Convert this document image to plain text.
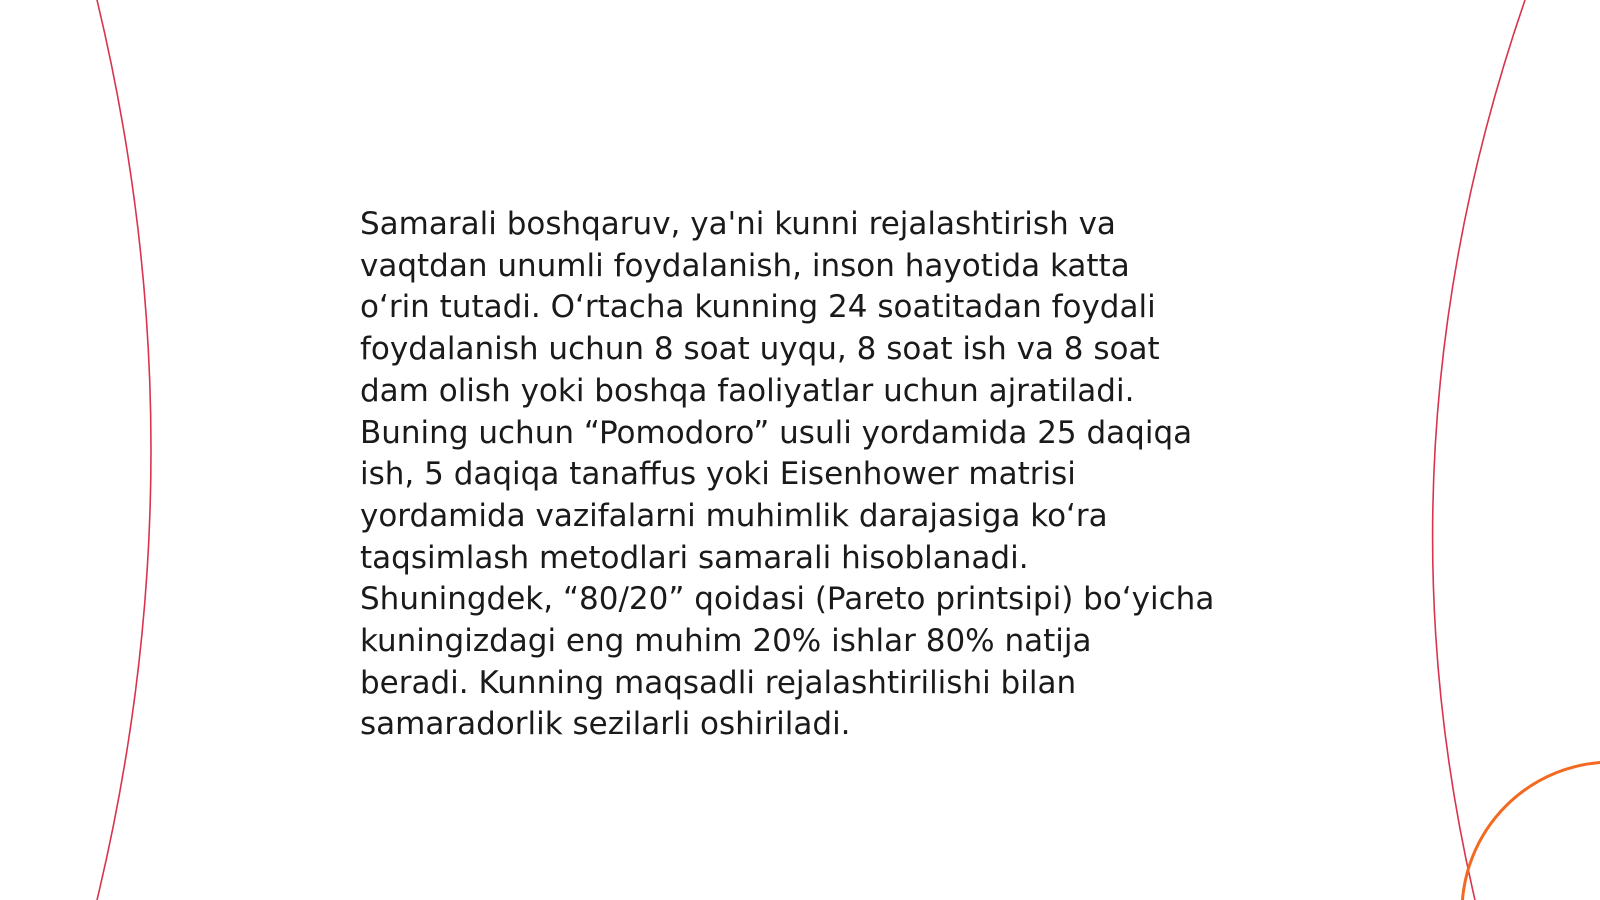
Samarali boshqaruv, ya'ni kunni rejalashtirish va
vaqtdan unumli foydalanish, inson hayotida katta
o‘rin tutadi. O‘rtacha kunning 24 soatitadan foydali
foydalanish uchun 8 soat uyqu, 8 soat ish va 8 soat
dam olish yoki boshqa faoliyatlar uchun ajratiladi.
Buning uchun “Pomodoro” usuli yordamida 25 daqiqa
ish, 5 daqiqa tanaffus yoki Eisenhower matrisi
yordamida vazifalarni muhimlik darajasiga ko‘ra
taqsimlash metodlari samarali hisoblanadi.
Shuningdek, “80/20” qoidasi (Pareto printsipi) bo‘yicha
kuningizdagi eng muhim 20% ishlar 80% natija
beradi. Kunning maqsadli rejalashtirilishi bilan
samaradorlik sezilarli oshiriladi.
